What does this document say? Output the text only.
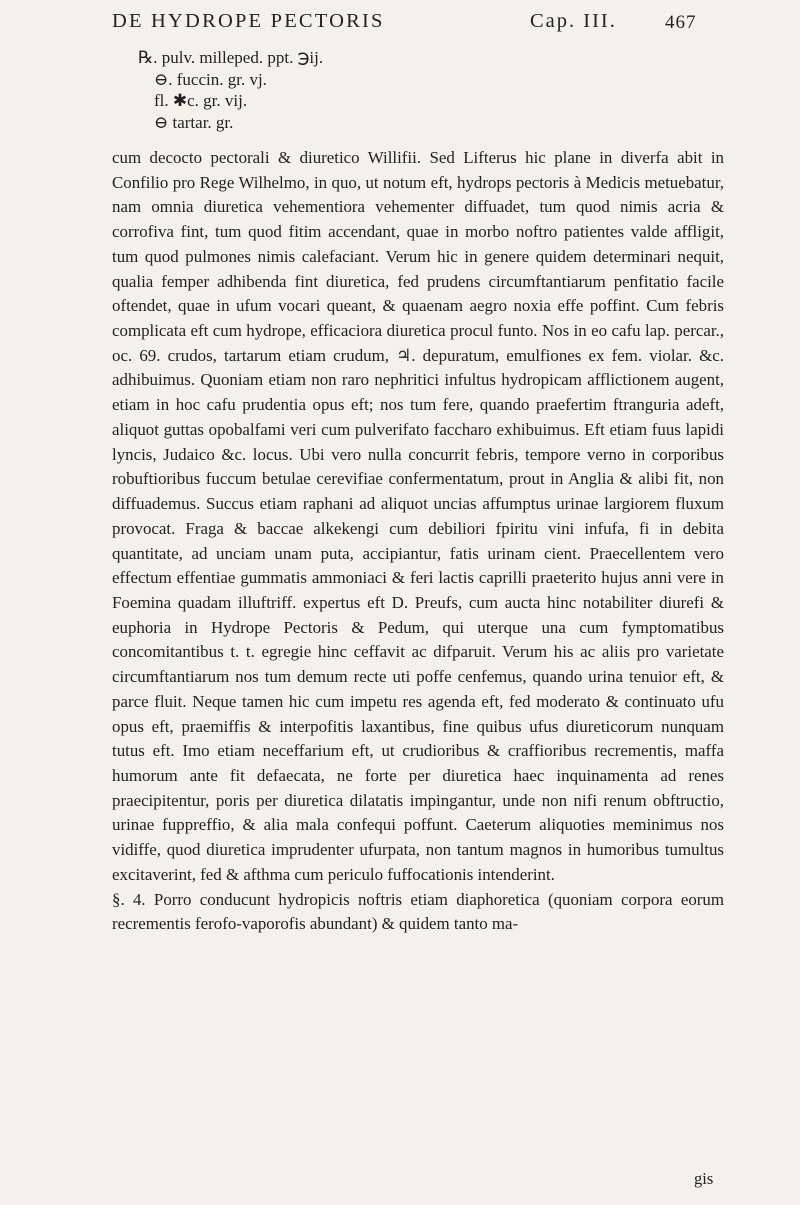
DE HYDROPE PECTORIS	Cap. III.	467
℞. pulv. milleped. ppt. ℈ij.
⊖. fuccin. gr. vj.
fl. ✱c. gr. vij.
⊖ tartar. gr.

cum decocto pectorali & diuretico Willifii. Sed Lifterus hic plane in diverfa abit in Confilio pro Rege Wilhelmo, in quo, ut notum eft, hydrops pectoris à Medicis metuebatur, nam omnia diuretica vehementiora vehementer diffuadet, tum quod nimis acria & corrofiva fint, tum quod fitim accendant, quae in morbo noftro patientes valde affligit, tum quod pulmones nimis calefaciant. Verum hic in genere quidem determinari nequit, qualia femper adhibenda fint diuretica, fed prudens circumftantiarum penfitatio facile oftendet, quae in ufum vocari queant, & quaenam aegro noxia effe poffint. Cum febris complicata eft cum hydrope, efficaciora diuretica procul funto. Nos in eo cafu lap. percar., oc. 69. crudos, tartarum etiam crudum, ♃. depuratum, emulfiones ex fem. violar. &c. adhibuimus. Quoniam etiam non raro nephritici infultus hydropicam afflictionem augent, etiam in hoc cafu prudentia opus eft; nos tum fere, quando praefertim ftranguria adeft, aliquot guttas opobalfami veri cum pulverifato faccharo exhibuimus. Eft etiam fuus lapidi lyncis, Judaico &c. locus. Ubi vero nulla concurrit febris, tempore verno in corporibus robuftioribus fuccum betulae cerevifiae confermentatum, prout in Anglia & alibi fit, non diffuademus. Succus etiam raphani ad aliquot uncias affumptus urinae largiorem fluxum provocat. Fraga & baccae alkekengi cum debiliori fpiritu vini infufa, fi in debita quantitate, ad unciam unam puta, accipiantur, fatis urinam cient. Praecellentem vero effectum effentiae gummatis ammoniaci & feri lactis caprilli praeterito hujus anni vere in Foemina quadam illuftriff. expertus eft D. Preufs, cum aucta hinc notabiliter diurefi & euphoria in Hydrope Pectoris & Pedum, qui uterque una cum fymptomatibus concomitantibus t. t. egregie hinc ceffavit ac difparuit. Verum his ac aliis pro varietate circumftantiarum nos tum demum recte uti poffe cenfemus, quando urina tenuior eft, & parce fluit. Neque tamen hic cum impetu res agenda eft, fed moderato & continuato ufu opus eft, praemiffis & interpofitis laxantibus, fine quibus ufus diureticorum nunquam tutus eft. Imo etiam neceffarium eft, ut crudioribus & craffioribus recrementis, maffa humorum ante fit defaecata, ne forte per diuretica haec inquinamenta ad renes praecipitentur, poris per diuretica dilatatis impingantur, unde non nifi renum obftructio, urinae fuppreffio, & alia mala confequi poffunt. Caeterum aliquoties meminimus nos vidiffe, quod diuretica imprudenter ufurpata, non tantum magnos in humoribus tumultus excitaverint, fed & afthma cum periculo fuffocationis intenderint.

§. 4. Porro conducunt hydropicis noftris etiam diaphoretica (quoniam corpora eorum recrementis ferofo-vaporofis abundant) & quidem tanto ma-

gis
